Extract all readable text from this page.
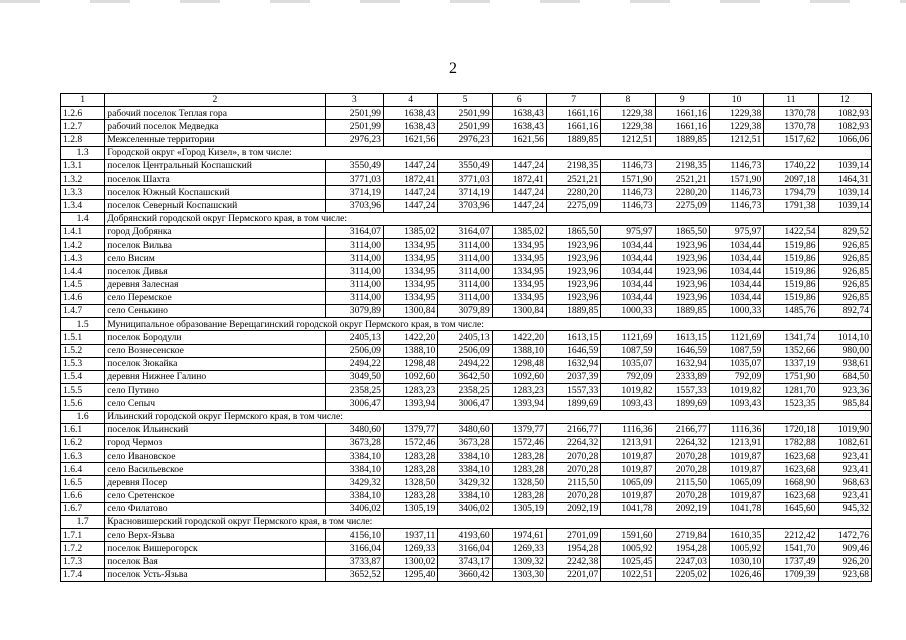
2
1	2	3	4	5	6	7	8	9	10	11	12
1.2.6	рабочий поселок Теплая гора	2501,99	1638,43	2501,99	1638,43	1661,16	1229,38	1661,16	1229,38	1370,78	1082,93
1.2.7	рабочий поселок Медведка	2501,99	1638,43	2501,99	1638,43	1661,16	1229,38	1661,16	1229,38	1370,78	1082,93
1.2.8	Межселенные территории	2976,23	1621,56	2976,23	1621,56	1889,85	1212,51	1889,85	1212,51	1517,62	1066,06
1.3	Городской округ «Город Кизел», в том числе:										
1.3.1	поселок Центральный Коспашский	3550,49	1447,24	3550,49	1447,24	2198,35	1146,73	2198,35	1146,73	1740,22	1039,14
1.3.2	поселок Шахта	3771,03	1872,41	3771,03	1872,41	2521,21	1571,90	2521,21	1571,90	2097,18	1464,31
1.3.3	поселок Южный Коспашский	3714,19	1447,24	3714,19	1447,24	2280,20	1146,73	2280,20	1146,73	1794,79	1039,14
1.3.4	поселок Северный Коспашский	3703,96	1447,24	3703,96	1447,24	2275,09	1146,73	2275,09	1146,73	1791,38	1039,14
1.4	Добрянский городской округ Пермского края, в том числе:										
1.4.1	город Добрянка	3164,07	1385,02	3164,07	1385,02	1865,50	975,97	1865,50	975,97	1422,54	829,52
1.4.2	поселок Вильва	3114,00	1334,95	3114,00	1334,95	1923,96	1034,44	1923,96	1034,44	1519,86	926,85
1.4.3	село Висим	3114,00	1334,95	3114,00	1334,95	1923,96	1034,44	1923,96	1034,44	1519,86	926,85
1.4.4	поселок Дивья	3114,00	1334,95	3114,00	1334,95	1923,96	1034,44	1923,96	1034,44	1519,86	926,85
1.4.5	деревня Залесная	3114,00	1334,95	3114,00	1334,95	1923,96	1034,44	1923,96	1034,44	1519,86	926,85
1.4.6	село Перемское	3114,00	1334,95	3114,00	1334,95	1923,96	1034,44	1923,96	1034,44	1519,86	926,85
1.4.7	село Сенькино	3079,89	1300,84	3079,89	1300,84	1889,85	1000,33	1889,85	1000,33	1485,76	892,74
1.5	Муниципальное образование Верещагинский городской округ Пермского края, в том числе:										
1.5.1	поселок Бородули	2405,13	1422,20	2405,13	1422,20	1613,15	1121,69	1613,15	1121,69	1341,74	1014,10
1.5.2	село Вознесенское	2506,09	1388,10	2506,09	1388,10	1646,59	1087,59	1646,59	1087,59	1352,66	980,00
1.5.3	поселок Зюкайка	2494,22	1298,48	2494,22	1298,48	1632,94	1035,07	1632,94	1035,07	1337,19	938,61
1.5.4	деревня Нижнее Галино	3049,50	1092,60	3642,50	1092,60	2037,39	792,09	2333,89	792,09	1751,90	684,50
1.5.5	село Путино	2358,25	1283,23	2358,25	1283,23	1557,33	1019,82	1557,33	1019,82	1281,70	923,36
1.5.6	село Сепыч	3006,47	1393,94	3006,47	1393,94	1899,69	1093,43	1899,69	1093,43	1523,35	985,84
1.6	Ильинский городской округ Пермского края, в том числе:										
1.6.1	поселок Ильинский	3480,60	1379,77	3480,60	1379,77	2166,77	1116,36	2166,77	1116,36	1720,18	1019,90
1.6.2	город Чермоз	3673,28	1572,46	3673,28	1572,46	2264,32	1213,91	2264,32	1213,91	1782,88	1082,61
1.6.3	село Ивановское	3384,10	1283,28	3384,10	1283,28	2070,28	1019,87	2070,28	1019,87	1623,68	923,41
1.6.4	село Васильевское	3384,10	1283,28	3384,10	1283,28	2070,28	1019,87	2070,28	1019,87	1623,68	923,41
1.6.5	деревня Посер	3429,32	1328,50	3429,32	1328,50	2115,50	1065,09	2115,50	1065,09	1668,90	968,63
1.6.6	село Сретенское	3384,10	1283,28	3384,10	1283,28	2070,28	1019,87	2070,28	1019,87	1623,68	923,41
1.6.7	село Филатово	3406,02	1305,19	3406,02	1305,19	2092,19	1041,78	2092,19	1041,78	1645,60	945,32
1.7	Красновишерский городской округ Пермского края, в том числе:										
1.7.1	село Верх-Язьва	4156,10	1937,11	4193,60	1974,61	2701,09	1591,60	2719,84	1610,35	2212,42	1472,76
1.7.2	поселок Вишерогорск	3166,04	1269,33	3166,04	1269,33	1954,28	1005,92	1954,28	1005,92	1541,70	909,46
1.7.3	поселок Вая	3733,87	1300,02	3743,17	1309,32	2242,38	1025,45	2247,03	1030,10	1737,49	926,20
1.7.4	поселок Усть-Язьва	3652,52	1295,40	3660,42	1303,30	2201,07	1022,51	2205,02	1026,46	1709,39	923,68
